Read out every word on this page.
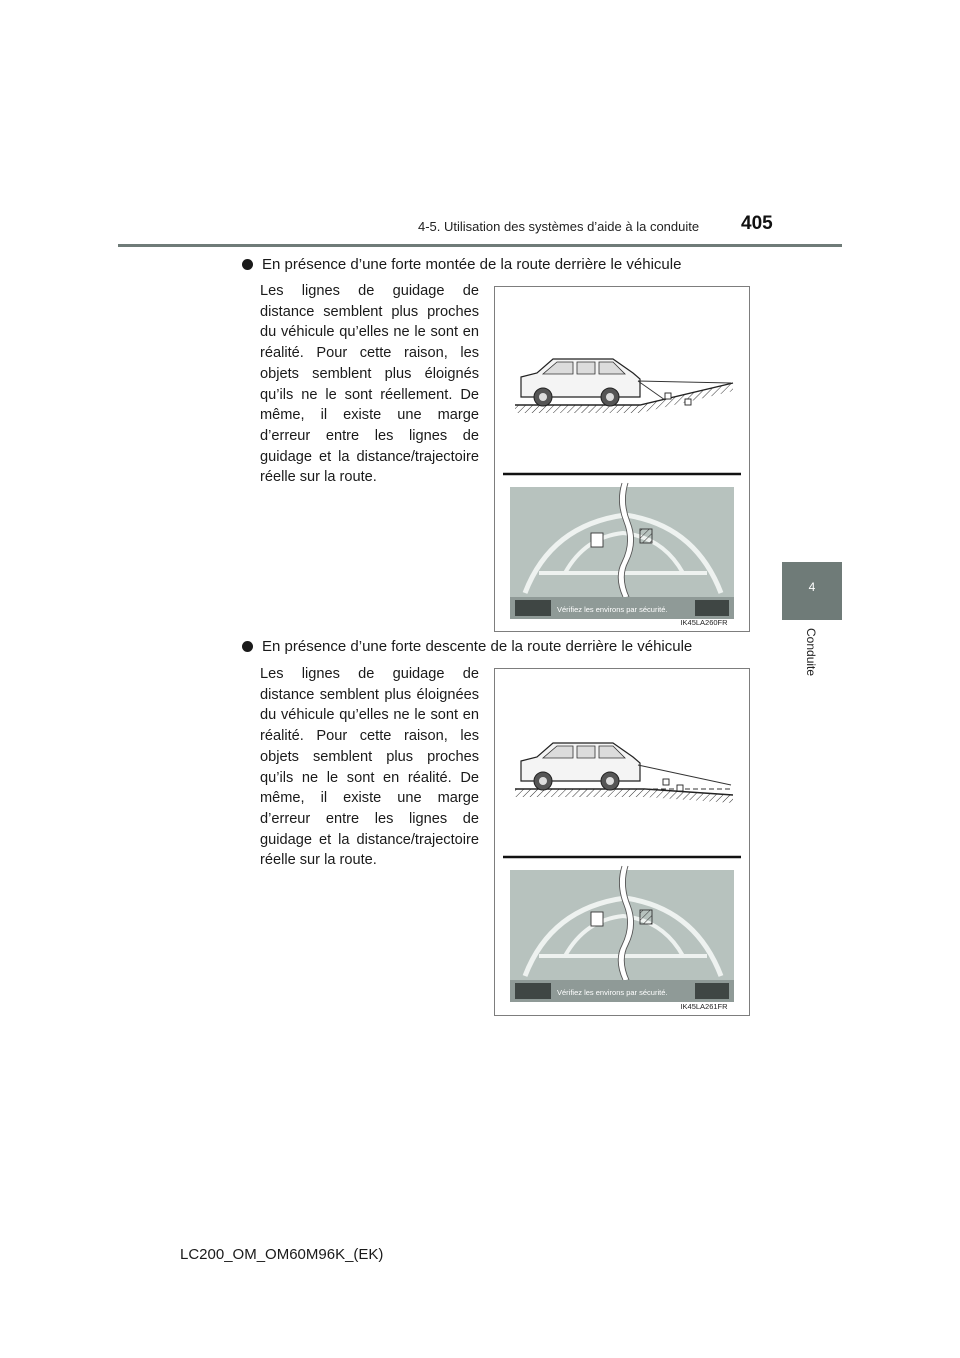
4-5. Utilisation des systèmes d’aide à la conduite 405
4
Conduite
En présence d’une forte montée de la route derrière le véhicule
Les lignes de guidage de distance semblent plus proches du véhicule qu’elles ne le sont en réalité. Pour cette raison, les objets semblent plus éloignés qu’ils ne le sont réellement. De même, il existe une marge d’erreur entre les lignes de guidage et la distance/trajectoire réelle sur la route.
Vérifiez les environs par sécurité.
IK45LA260FR
En présence d’une forte descente de la route derrière le véhicule
Les lignes de guidage de distance semblent plus éloignées du véhicule qu’elles ne le sont en réalité. Pour cette raison, les objets semblent plus proches qu’ils ne le sont en réalité. De même, il existe une marge d’erreur entre les lignes de guidage et la distance/trajectoire réelle sur la route.
Vérifiez les environs par sécurité.
IK45LA261FR
LC200_OM_OM60M96K_(EK)
